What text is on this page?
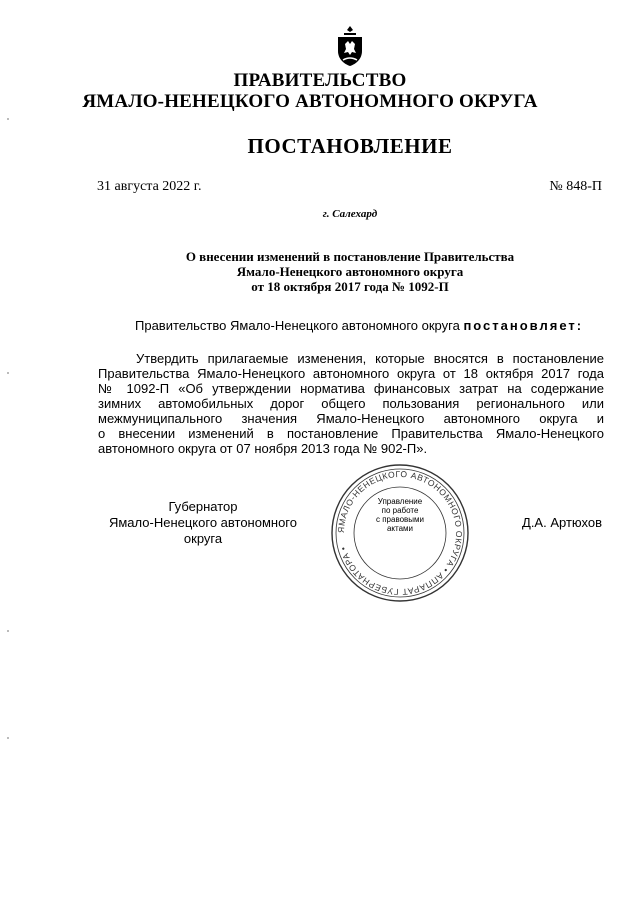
ПРАВИТЕЛЬСТВО
ЯМАЛО-НЕНЕЦКОГО АВТОНОМНОГО ОКРУГА
ПОСТАНОВЛЕНИЕ
31 августа 2022 г.	№ 848-П
г. Салехард
О внесении изменений в постановление Правительства
Ямало-Ненецкого автономного округа
от 18 октября 2017 года № 1092-П
Правительство Ямало-Ненецкого автономного округа постановляет:
Утвердить прилагаемые изменения, которые вносятся в постановление
Правительства Ямало-Ненецкого автономного округа от 18 октября 2017 года
№ 1092-П «Об утверждении норматива финансовых затрат на содержание
зимних автомобильных дорог общего пользования регионального или
межмуниципального значения Ямало-Ненецкого автономного округа и
о внесении изменений в постановление Правительства Ямало-Ненецкого
автономного округа от 07 ноября 2013 года № 902-П».
Губернатор
Ямало-Ненецкого автономного округа
ЯМАЛО-НЕНЕЦКОГО АВТОНОМНОГО ОКРУГА • АППАРАТ ГУБЕРНАТОРА •
Управление
по работе
с правовыми
актами	Д.А. Артюхов
